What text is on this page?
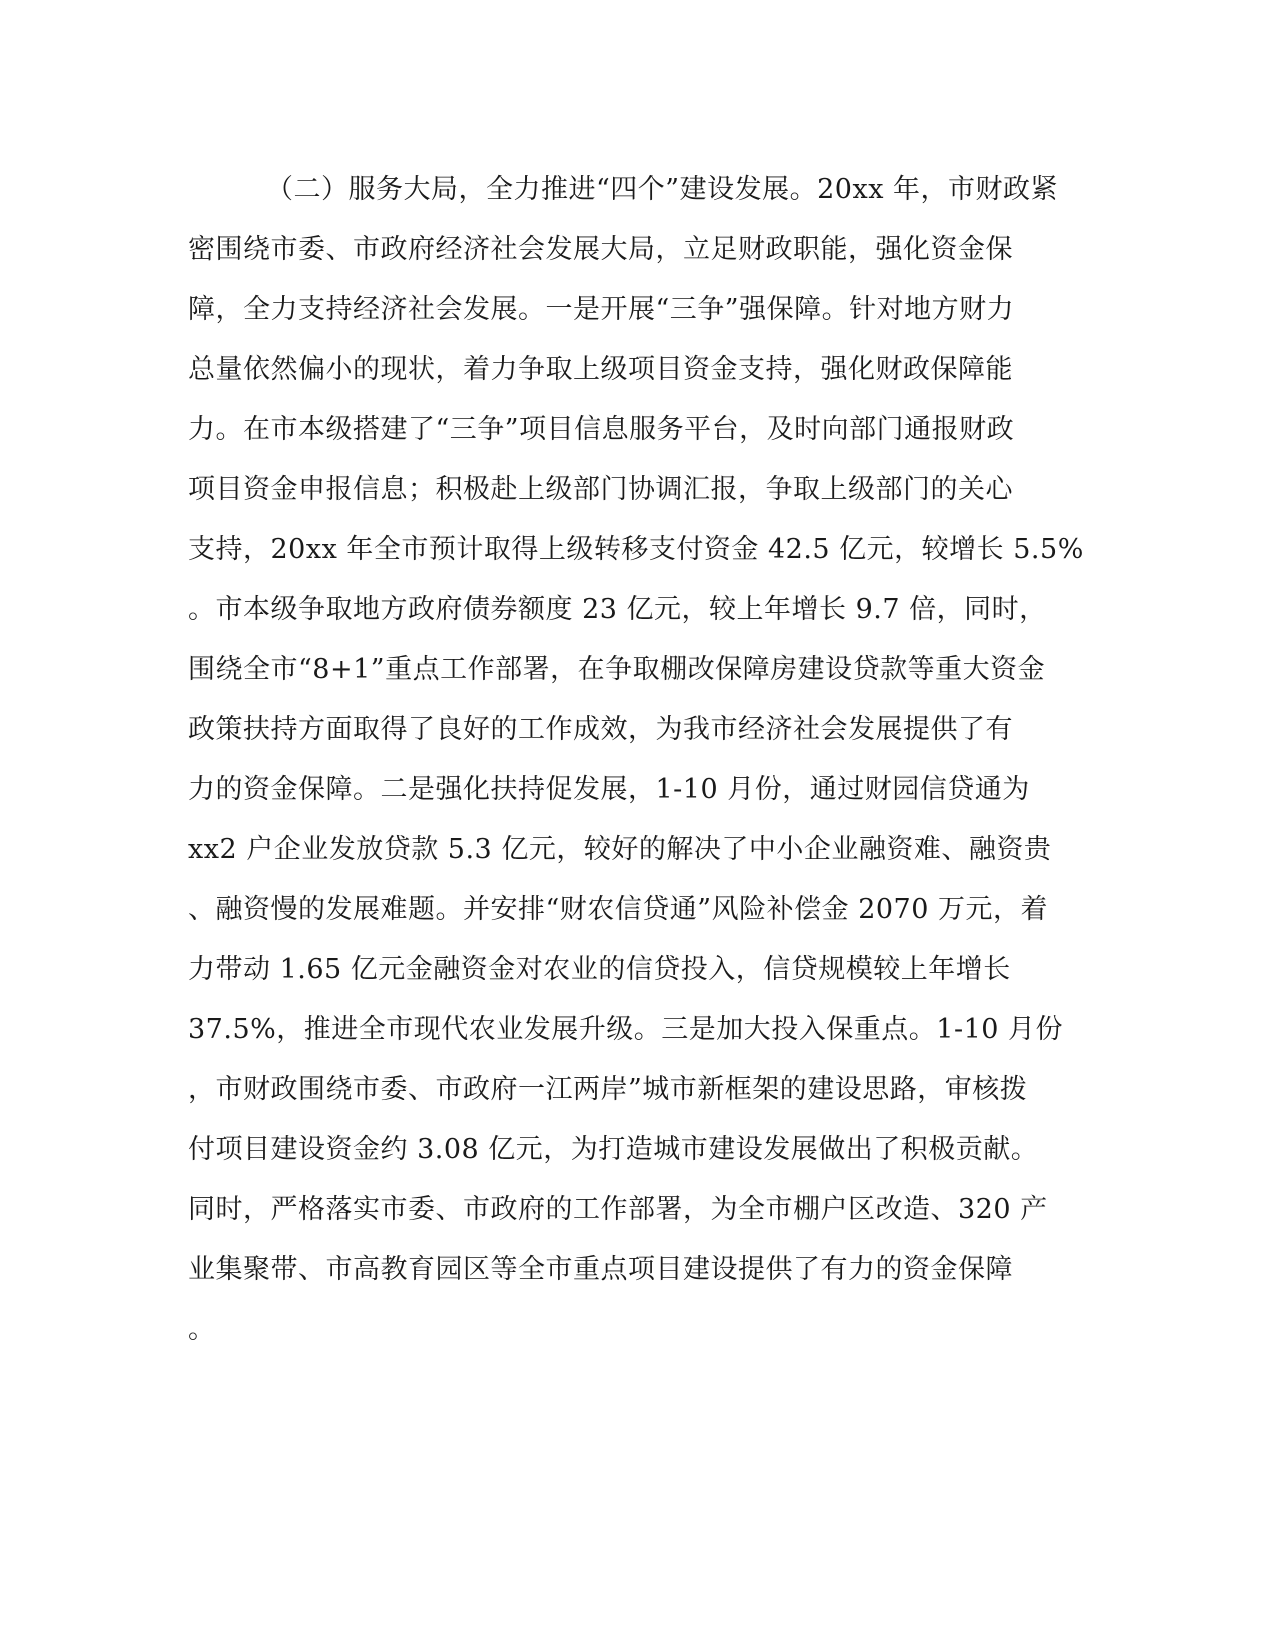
（二）服务大局，全力推进“四个”建设发展。20xx 年，市财政紧
密围绕市委、市政府经济社会发展大局，立足财政职能，强化资金保
障，全力支持经济社会发展。一是开展“三争”强保障。针对地方财力
总量依然偏小的现状，着力争取上级项目资金支持，强化财政保障能
力。在市本级搭建了“三争”项目信息服务平台，及时向部门通报财政
项目资金申报信息；积极赴上级部门协调汇报，争取上级部门的关心
支持，20xx 年全市预计取得上级转移支付资金 42.5 亿元，较增长 5.5%
。市本级争取地方政府债券额度 23 亿元，较上年增长 9.7 倍，同时，
围绕全市“8+1”重点工作部署，在争取棚改保障房建设贷款等重大资金
政策扶持方面取得了良好的工作成效，为我市经济社会发展提供了有
力的资金保障。二是强化扶持促发展，1-10 月份，通过财园信贷通为
xx2 户企业发放贷款 5.3 亿元，较好的解决了中小企业融资难、融资贵
、融资慢的发展难题。并安排“财农信贷通”风险补偿金 2070 万元，着
力带动 1.65 亿元金融资金对农业的信贷投入，信贷规模较上年增长
37.5%，推进全市现代农业发展升级。三是加大投入保重点。1-10 月份
，市财政围绕市委、市政府一江两岸”城市新框架的建设思路，审核拨
付项目建设资金约 3.08 亿元，为打造城市建设发展做出了积极贡献。
同时，严格落实市委、市政府的工作部署，为全市棚户区改造、320 产
业集聚带、市高教育园区等全市重点项目建设提供了有力的资金保障
。
